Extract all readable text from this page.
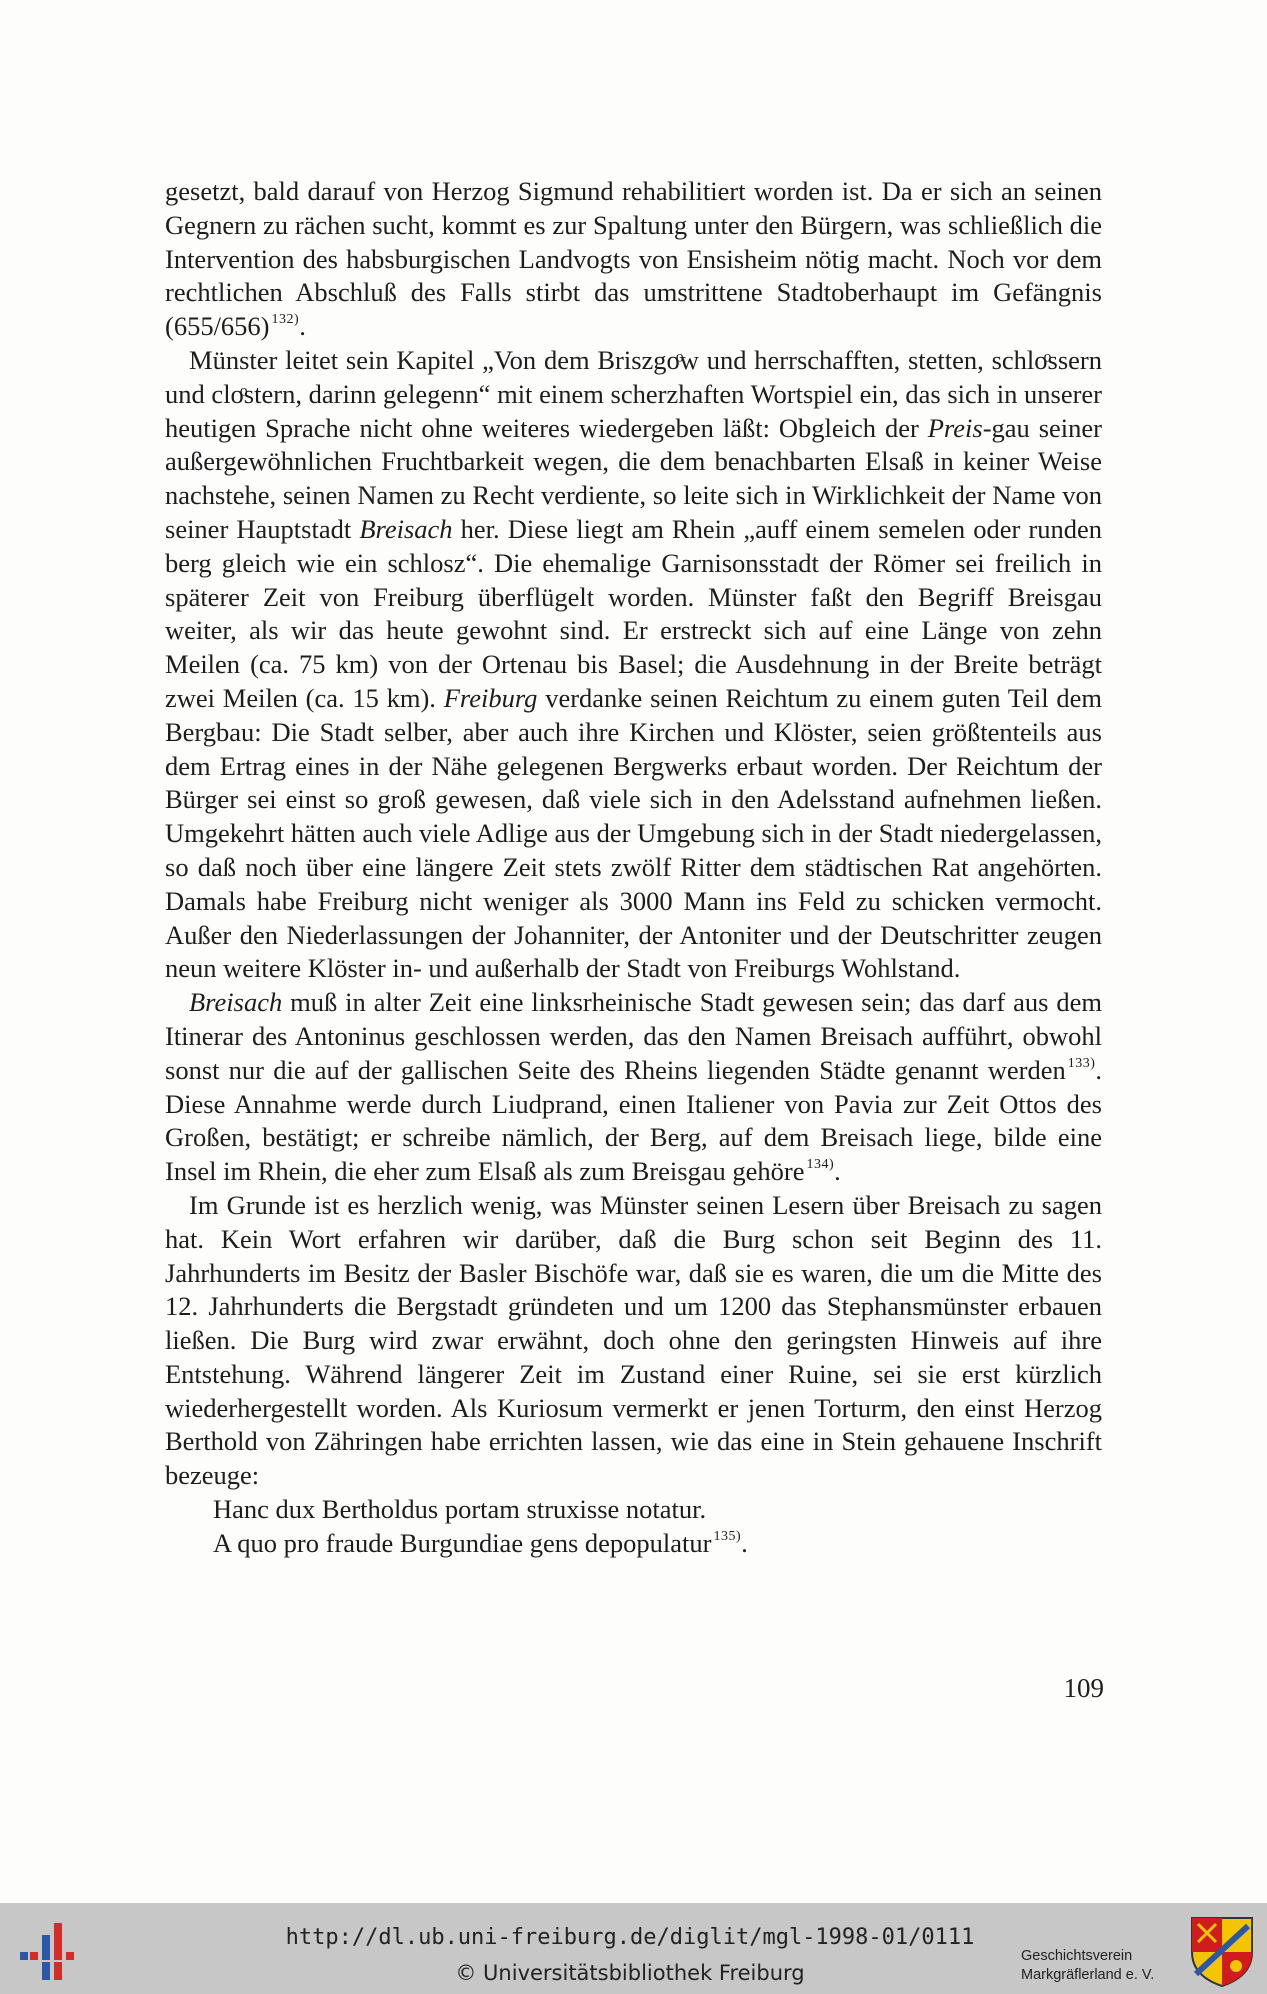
gesetzt, bald darauf von Herzog Sigmund rehabilitiert worden ist. Da er sich an seinen Gegnern zu rächen sucht, kommt es zur Spaltung unter den Bürgern, was schließlich die Intervention des habsburgischen Landvogts von Ensisheim nötig macht. Noch vor dem rechtlichen Abschluß des Falls stirbt das umstrittene Stadtoberhaupt im Gefängnis (655/656) $^{132)}$.

Münster leitet sein Kapitel „Von dem Briszgoͦw und herrschafften, stetten, schloͦssern und cloͦstern, darinn gelegenn“ mit einem scherzhaften Wortspiel ein, das sich in unserer heutigen Sprache nicht ohne weiteres wiedergeben läßt: Obgleich der Preis-gau seiner außergewöhnlichen Fruchtbarkeit wegen, die dem benachbarten Elsaß in keiner Weise nachstehe, seinen Namen zu Recht verdiente, so leite sich in Wirklichkeit der Name von seiner Hauptstadt Breisach her. Diese liegt am Rhein „auff einem semelen oder runden berg gleich wie ein schlosz“. Die ehemalige Garnisonsstadt der Römer sei freilich in späterer Zeit von Freiburg überflügelt worden. Münster faßt den Begriff Breisgau weiter, als wir das heute gewohnt sind. Er erstreckt sich auf eine Länge von zehn Meilen (ca. 75 km) von der Ortenau bis Basel; die Ausdehnung in der Breite beträgt zwei Meilen (ca. 15 km). Freiburg verdanke seinen Reichtum zu einem guten Teil dem Bergbau: Die Stadt selber, aber auch ihre Kirchen und Klöster, seien größtenteils aus dem Ertrag eines in der Nähe gelegenen Bergwerks erbaut worden. Der Reichtum der Bürger sei einst so groß gewesen, daß viele sich in den Adelsstand aufnehmen ließen. Umgekehrt hätten auch viele Adlige aus der Umgebung sich in der Stadt niedergelassen, so daß noch über eine längere Zeit stets zwölf Ritter dem städtischen Rat angehörten. Damals habe Freiburg nicht weniger als 3000 Mann ins Feld zu schicken vermocht. Außer den Niederlassungen der Johanniter, der Antoniter und der Deutschritter zeugen neun weitere Klöster in- und außerhalb der Stadt von Freiburgs Wohlstand.

Breisach muß in alter Zeit eine linksrheinische Stadt gewesen sein; das darf aus dem Itinerar des Antoninus geschlossen werden, das den Namen Breisach aufführt, obwohl sonst nur die auf der gallischen Seite des Rheins liegenden Städte genannt werden $^{133)}$. Diese Annahme werde durch Liudprand, einen Italiener von Pavia zur Zeit Ottos des Großen, bestätigt; er schreibe nämlich, der Berg, auf dem Breisach liege, bilde eine Insel im Rhein, die eher zum Elsaß als zum Breisgau gehöre $^{134)}$.

Im Grunde ist es herzlich wenig, was Münster seinen Lesern über Breisach zu sagen hat. Kein Wort erfahren wir darüber, daß die Burg schon seit Beginn des 11. Jahrhunderts im Besitz der Basler Bischöfe war, daß sie es waren, die um die Mitte des 12. Jahrhunderts die Bergstadt gründeten und um 1200 das Stephansmünster erbauen ließen. Die Burg wird zwar erwähnt, doch ohne den geringsten Hinweis auf ihre Entstehung. Während längerer Zeit im Zustand einer Ruine, sei sie erst kürzlich wiederhergestellt worden. Als Kuriosum vermerkt er jenen Torturm, den einst Herzog Berthold von Zähringen habe errichten lassen, wie das eine in Stein gehauene Inschrift bezeuge:

Hanc dux Bertholdus portam struxisse notatur.

A quo pro fraude Burgundiae gens depopulatur $^{135)}$.

109
http://dl.ub.uni-freiburg.de/diglit/mgl-1998-01/0111
© Universitätsbibliothek Freiburg
Geschichtsverein
Markgräflerland e. V.
